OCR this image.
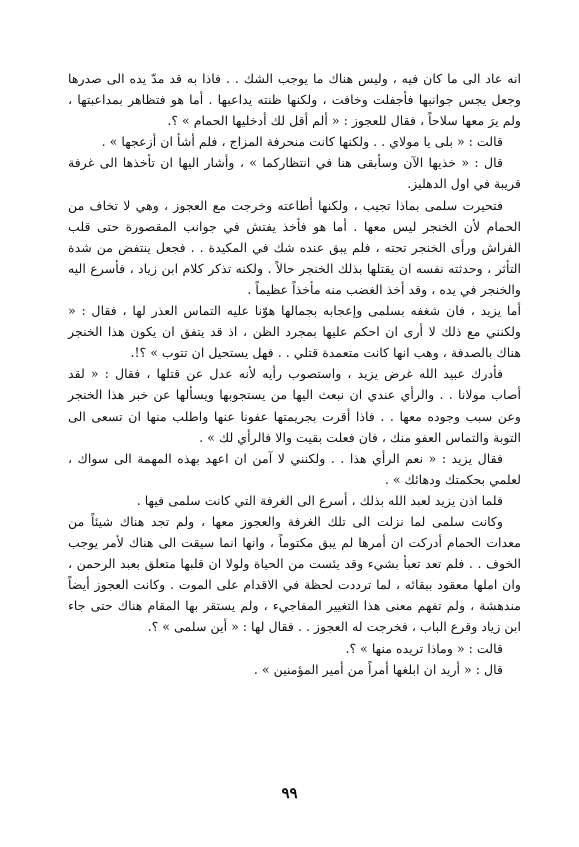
انه عاد الى ما كان فيه ، وليس هناك ما يوجب الشك . . فاذا به قد مدّ يده الى صدرها وجعل يجس جوانبها فأجفلت وخافت ، ولكنها ظنته يداعبها . أما هو فتظاهر بمداعبتها ، ولم يرَ معها سلاحاً ، فقال للعجوز : « ألم أقل لك أدخليها الحمام » ؟.

قالت : « بلى يا مولاي . . ولكنها كانت منحرفة المزاج ، فلم أشأ ان أزعجها » .

قال : « خذيها الآن وسأبقى هنا في انتظاركما » ، وأشار اليها ان تأخذها الى غرفة قريبة في اول الدهليز.

فتحيرت سلمى بماذا تجيب ، ولكنها أطاعته وخرجت مع العجوز ، وهي لا تخاف من الحمام لأن الخنجر ليس معها . أما هو فأخذ يفتش في جوانب المقصورة حتى قلب الفراش ورأى الخنجر تحته ، فلم يبق عنده شك في المكيدة . . فجعل ينتفض من شدة التأثر ، وحدثته نفسه ان يقتلها بذلك الخنجر حالاً . ولكنه تذكر كلام ابن زياد ، فأسرع اليه والخنجر في يده ، وقد أخذ الغضب منه مأخذاً عظيماً .

أما يزيد ، فان شغفه بسلمى وإعجابه بجمالها هوّنا عليه التماس العذر لها ، فقال : « ولكنني مع ذلك لا أرى ان احكم عليها بمجرد الظن ، اذ قد يتفق ان يكون هذا الخنجر هناك بالصدفة ، وهب انها كانت متعمدة قتلي . . فهل يستحيل ان تتوب » ؟!.

فأدرك عبيد الله غرض يزيد ، واستصوب رأيه لأنه عدل عن قتلها ، فقال : « لقد أصاب مولانا . . والرأي عندي ان نبعث اليها من يستجوبها ويسألها عن خبر هذا الخنجر وعن سبب وجوده معها . . فاذا أقرت بجريمتها عفونا عنها واطلب منها ان تسعى الى التوبة والتماس العفو منك ، فان فعلت بقيت والا فالرأي لك » .

فقال يزيد : « نعم الرأي هذا . . ولكنني لا آمن ان اعهد بهذه المهمة الى سواك ، لعلمي بحكمتك ودهائك » .

فلما اذن يزيد لعبد الله بذلك ، أسرع الى الغرفة التي كانت سلمى فيها .

وكانت سلمى لما نزلت الى تلك الغرفة والعجوز معها ، ولم تجد هناك شيئاً من معدات الحمام أدركت ان أمرها لم يبق مكتوماً ، وانها انما سيقت الى هناك لأمر يوجب الخوف . . فلم تعد تعبأ بشيء وقد يئست من الحياة ولولا ان قلبها متعلق بعبد الرحمن ، وان املها معقود ببقائه ، لما ترددت لحظة في الاقدام على الموت . وكانت العجوز أيضاً مندهشة ، ولم تفهم معنى هذا التغيير المفاجيء ، ولم يستقر بها المقام هناك حتى جاء ابن زياد وقرع الباب ، فخرجت له العجوز . . فقال لها : « أين سلمى » ؟.

قالت : « وماذا تريده منها » ؟.

قال : « أريد ان ابلغها أمراً من أمير المؤمنين » .

٩٩
